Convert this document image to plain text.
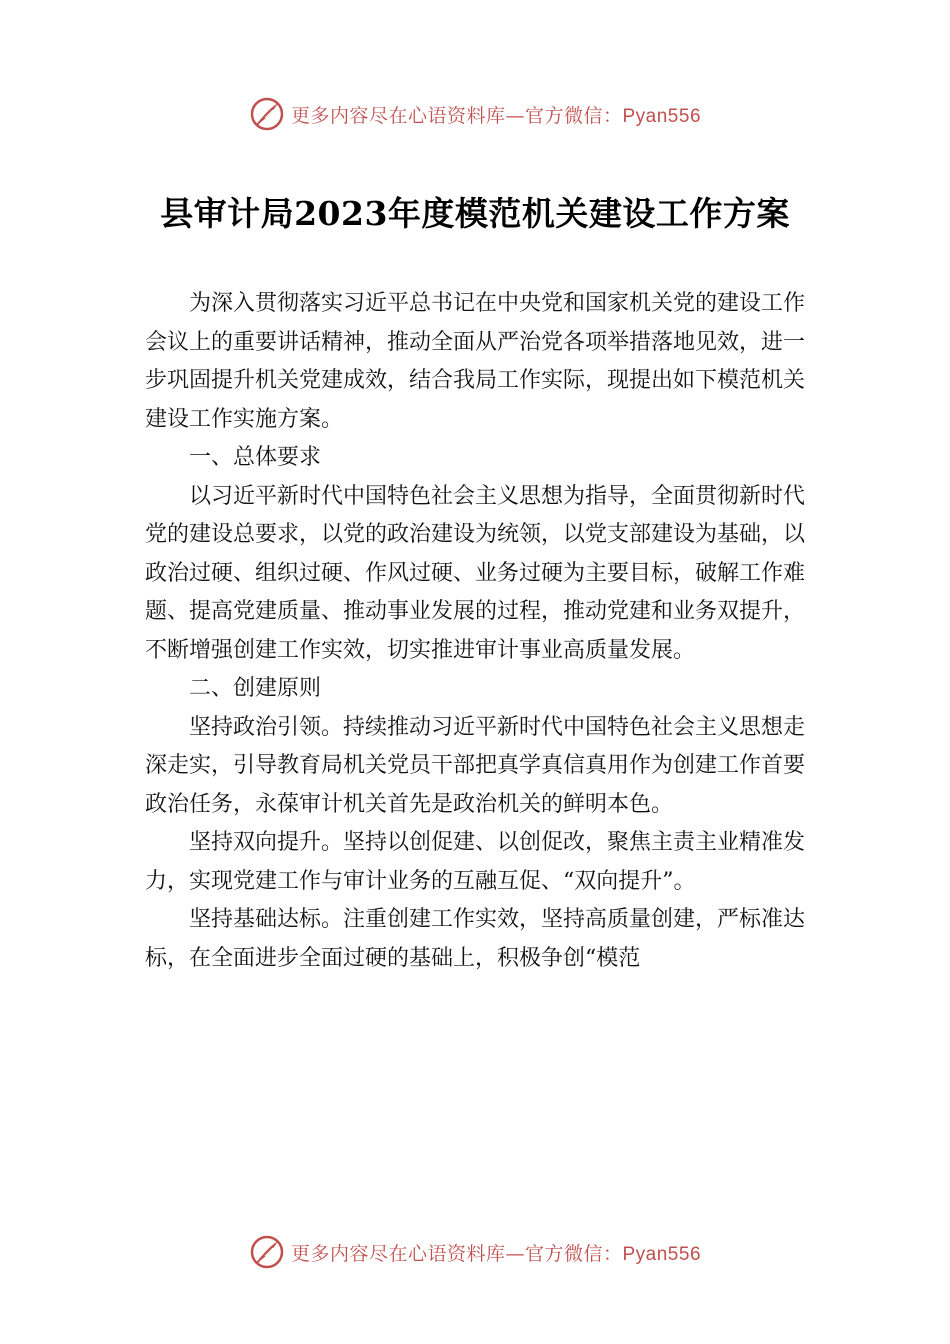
更多内容尽在心语资料库—官方微信：Pyan556
县审计局2023年度模范机关建设工作方案

为深入贯彻落实习近平总书记在中央党和国家机关党的建设工作会议上的重要讲话精神，推动全面从严治党各项举措落地见效，进一步巩固提升机关党建成效，结合我局工作实际，现提出如下模范机关建设工作实施方案。

一、总体要求

以习近平新时代中国特色社会主义思想为指导，全面贯彻新时代党的建设总要求，以党的政治建设为统领，以党支部建设为基础，以政治过硬、组织过硬、作风过硬、业务过硬为主要目标，破解工作难题、提高党建质量、推动事业发展的过程，推动党建和业务双提升，不断增强创建工作实效，切实推进审计事业高质量发展。

二、创建原则

坚持政治引领。持续推动习近平新时代中国特色社会主义思想走深走实，引导教育局机关党员干部把真学真信真用作为创建工作首要政治任务，永葆审计机关首先是政治机关的鲜明本色。

坚持双向提升。坚持以创促建、以创促改，聚焦主责主业精准发力，实现党建工作与审计业务的互融互促、“双向提升”。

坚持基础达标。注重创建工作实效，坚持高质量创建，严标准达标，在全面进步全面过硬的基础上，积极争创“模范

更多内容尽在心语资料库—官方微信：Pyan556
